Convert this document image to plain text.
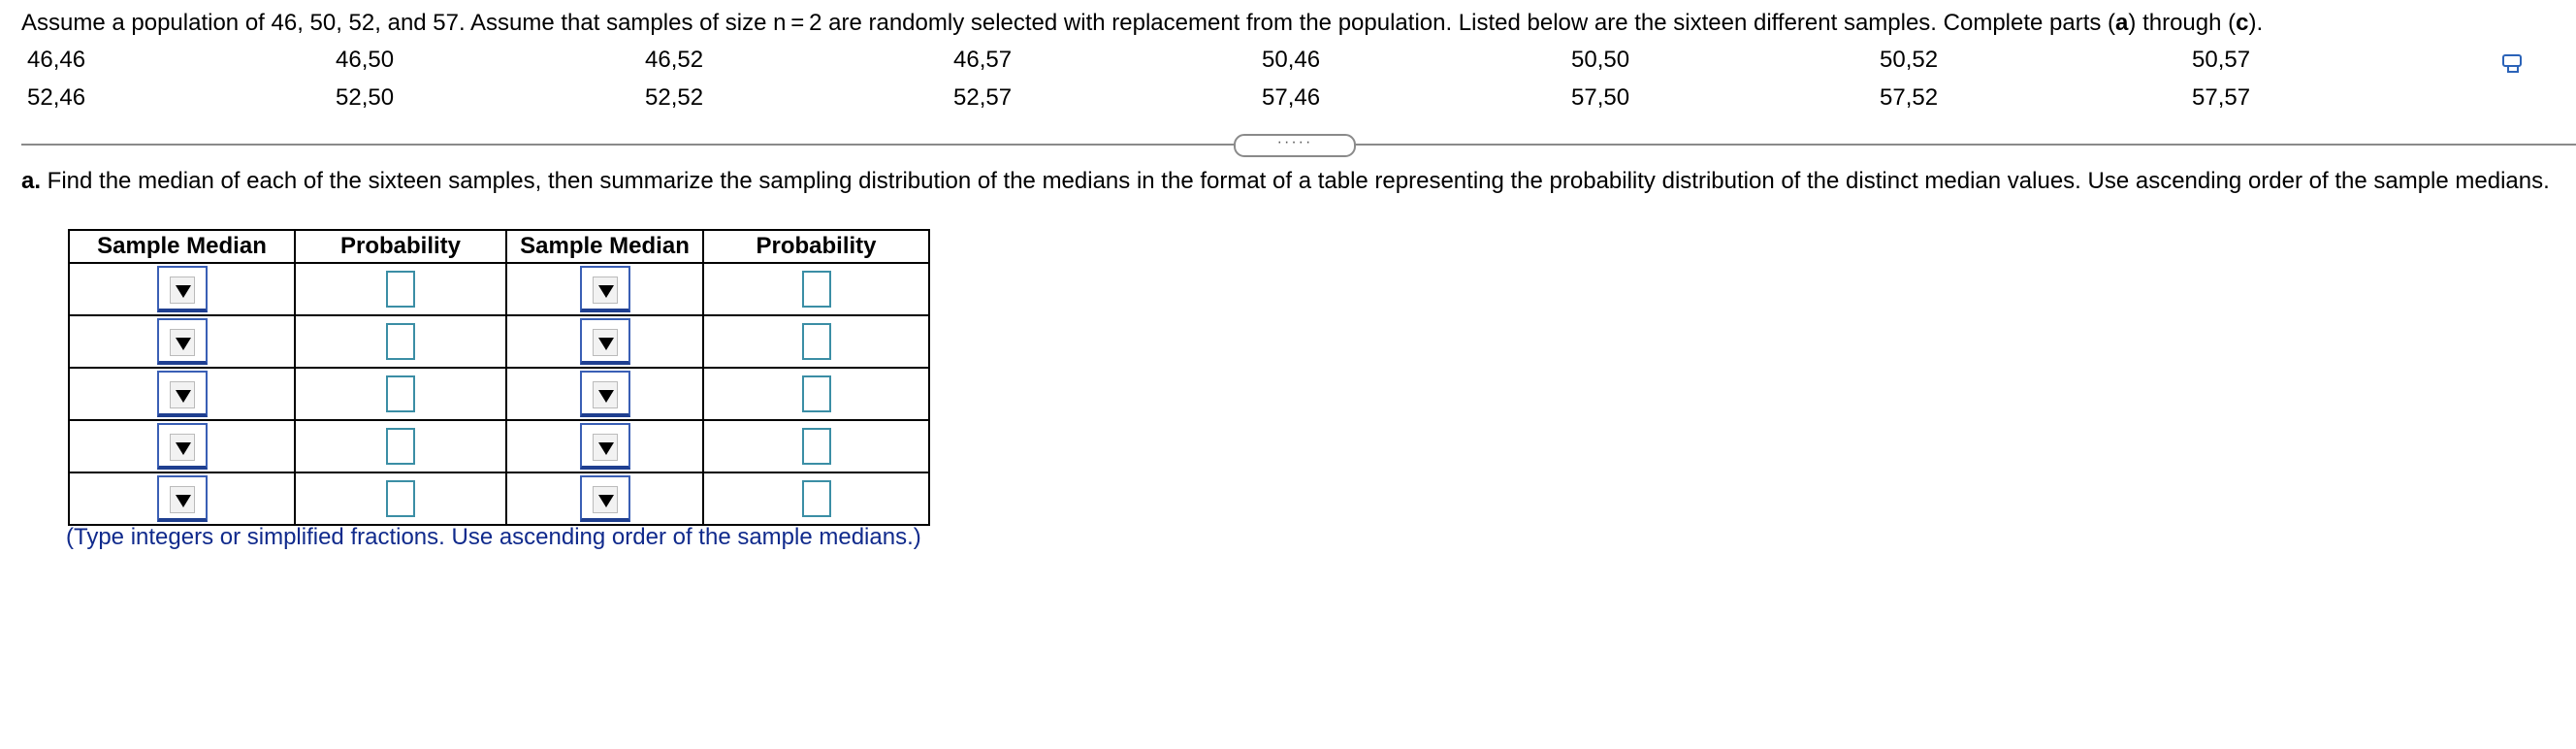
Assume a population of 46, 50, 52, and 57. Assume that samples of size n = 2 are randomly selected with replacement from the population. Listed below are the sixteen different samples. Complete parts (a) through (c).
46,46	46,50	46,52	46,57	50,46	50,50	50,52	50,57
52,46	52,50	52,52	52,57	57,46	57,50	57,52	57,57
·····
a. Find the median of each of the sixteen samples, then summarize the sampling distribution of the medians in the format of a table representing the probability distribution of the distinct median values. Use ascending order of the sample medians.
Sample Median	Probability	Sample Median	Probability

(Type integers or simplified fractions. Use ascending order of the sample medians.)
